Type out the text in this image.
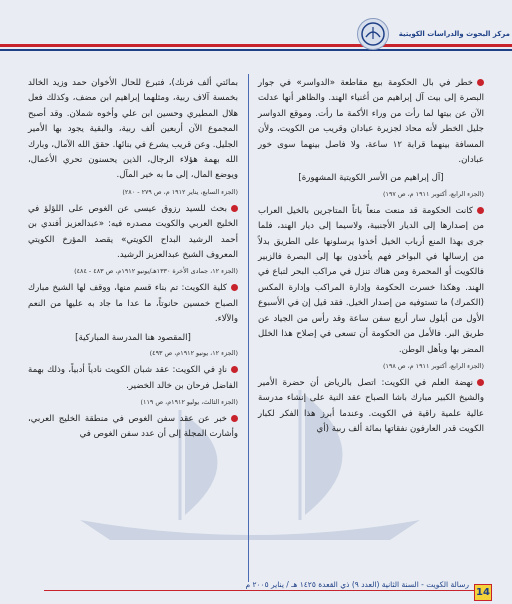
مركز البحوث والدراسات الكويتية

خطر في بال الحكومة بيع مقاطعة «الدواسر» في جوار البصرة إلى بيت آل إبراهيم من أغنياء الهند. والظاهر أنها عدلت الآن عن بيتها لما رأت من وراء الأكمة ما رأت. وموقع الدواسر جليل الخطر لأنه محاذ لجزيرة عبادان وقريب من الكويت، ولأن المسافة بينهما قرابة ١٢ ساعة، ولا فاصل بينهما سوى خور عبادان.

[آل إبراهيم من الأسر الكويتية المشهورة]

(الجزء الرابع، أكتوبر ١٩١١ م، ص ١٩٧)

كانت الحكومة قد منعت منعاً باتاً المتاجرين بالخيل العراب من إصدارها إلى الديار الأجنبية، ولاسيما إلى ديار الهند، فلما جرى بهذا المنع أرباب الخيل أخذوا يرسلونها على الطريق بدلاً من إرسالها في البواخر فهم يأخذون بها إلى البصرة فالزبير فالكويت أو المحمرة ومن هناك تنزل في مراكب البحر لتباع في الهند. وهكذا خسرت الحكومة وإدارة المراكب وإدارة المكس (الكمرك) ما تستوفيه من إصدار الخيل. فقد قيل إن في الأسبوع الأول من أيلول سار أربع سفن ساعة وقد رأس من الجياد عن طريق البر. فالأمل من الحكومة أن تسعى في إصلاح هذا الخلل المضر بها وبأهل الوطن.

(الجزء الرابع، أكتوبر ١٩١١ م، ص ١٩٨)

نهضة العلم في الكويت: اتصل بالرياض أن حضرة الأمير والشيخ الكبير مبارك باشا الصباح عقد النية على إنشاء مدرسة عالية علمية راقية في الكويت. وعندما أبرز هذا الفكر لكبار الكويت قدر العارفون نفقاتها بمائة ألف ربية (أي

بمائتي ألف فرنك)، فتبرع للحال الأخوان حمد وزيد الخالد بخمسة آلاف ربية، ومثلهما إبراهيم ابن مضف، وكذلك فعل هلال المطيري وحسين ابن علي وأخوه شملان. وقد أصبح المجموع الآن أربعين ألف ربية، والبقية يجود بها الأمير الجليل. وعن قريب يشرع في بنائها. حقق الله الآمال، وبارك الله بهمة هؤلاء الرجال، الذين يحسنون تحري الأعمال، ويوضع المال، إلى ما به خير المآل.

(الجزء السابع، يناير ١٩١٢ م، ص ٢٧٩ - ٢٨٠)

بحث للسيد رزوق عيسى عن الغوص على اللؤلؤ في الخليج العربي والكويت مصدره فيه: «عبدالعزيز أفندي بن أحمد الرشيد البداح الكويتي» يقصد المؤرخ الكويتي المعروف الشيخ عبدالعزيز الرشيد.

(الجزء ١٢، جمادى الأخرة ١٣٣٠هـ/يونيو ١٩١٢م، ص ٤٨٣ - ٤٨٤)

كلية الكويت: تم بناء قسم منها، ووقف لها الشيخ مبارك الصباح خمسين حانوتاً، ما عدا ما جاد به عليها من النعم والآلاء.

[المقصود هنا المدرسة المباركية]

(الجزء ١٢، يونيو ١٩١٢م، ص ٤٩٣)

نادٍ في الكويت: عقد شبان الكويت نادياً أدبياً، وذلك بهمة الفاضل فرحان بن خالد الخضير.

(الجزء الثالث، يوليو ١٩١٢م، ص ١١٩)

خبر عن عقد سفن الغوص في منطقة الخليج العربي، وأشارت المجلة إلى أن عدد سفن الغوص في

رسالة الكويت - السنة الثانية (العدد ٩) ذي القعدة ١٤٢٥ هـ / يناير ٢٠٠٥ م
14
